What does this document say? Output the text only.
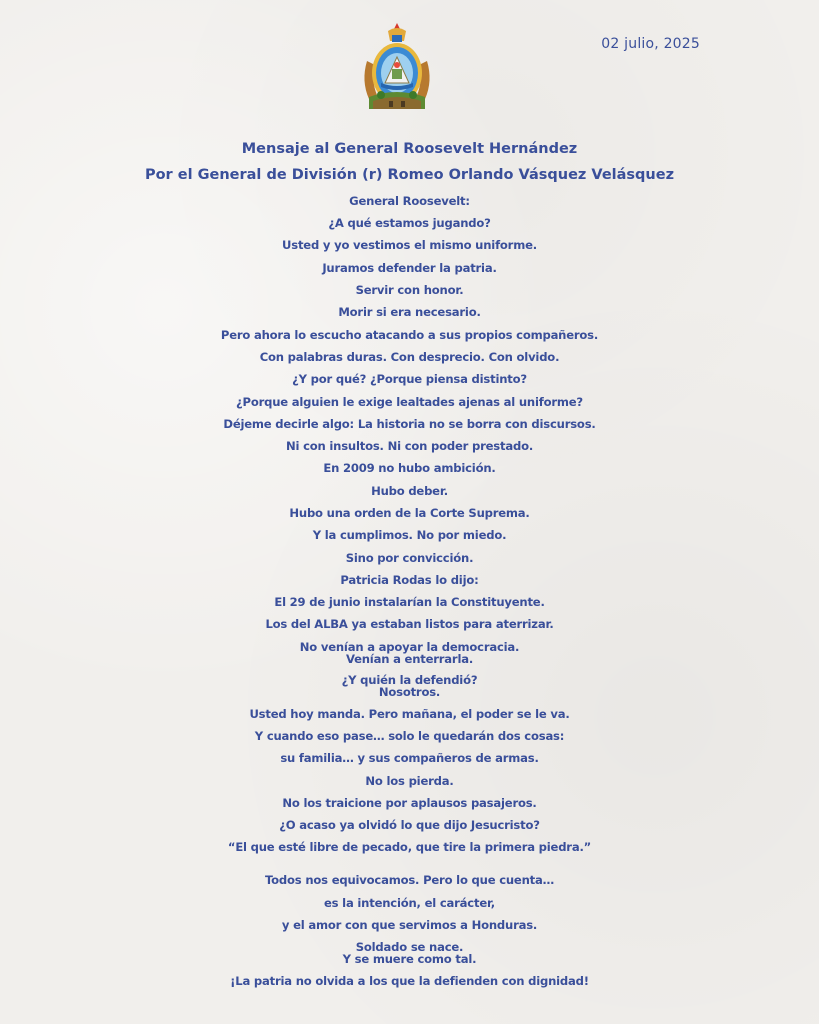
02 julio, 2025
Mensaje al General Roosevelt Hernández
Por el General de División (r) Romeo Orlando Vásquez Velásquez
General Roosevelt:
¿A qué estamos jugando?
Usted y yo vestimos el mismo uniforme.
Juramos defender la patria.
Servir con honor.
Morir si era necesario.
Pero ahora lo escucho atacando a sus propios compañeros.
Con palabras duras. Con desprecio. Con olvido.
¿Y por qué? ¿Porque piensa distinto?
¿Porque alguien le exige lealtades ajenas al uniforme?
Déjeme decirle algo: La historia no se borra con discursos.
Ni con insultos. Ni con poder prestado.
En 2009 no hubo ambición.
Hubo deber.
Hubo una orden de la Corte Suprema.
Y la cumplimos. No por miedo.
Sino por convicción.
Patricia Rodas lo dijo:
El 29 de junio instalarían la Constituyente.
Los del ALBA ya estaban listos para aterrizar.
No venían a apoyar la democracia.
Venían a enterrarla.
¿Y quién la defendió?
Nosotros.
Usted hoy manda. Pero mañana, el poder se le va.
Y cuando eso pase… solo le quedarán dos cosas:
su familia… y sus compañeros de armas.
No los pierda.
No los traicione por aplausos pasajeros.
¿O acaso ya olvidó lo que dijo Jesucristo?
“El que esté libre de pecado, que tire la primera piedra.”
Todos nos equivocamos. Pero lo que cuenta…
es la intención, el carácter,
y el amor con que servimos a Honduras.
Soldado se nace.
Y se muere como tal.
¡La patria no olvida a los que la defienden con dignidad!
